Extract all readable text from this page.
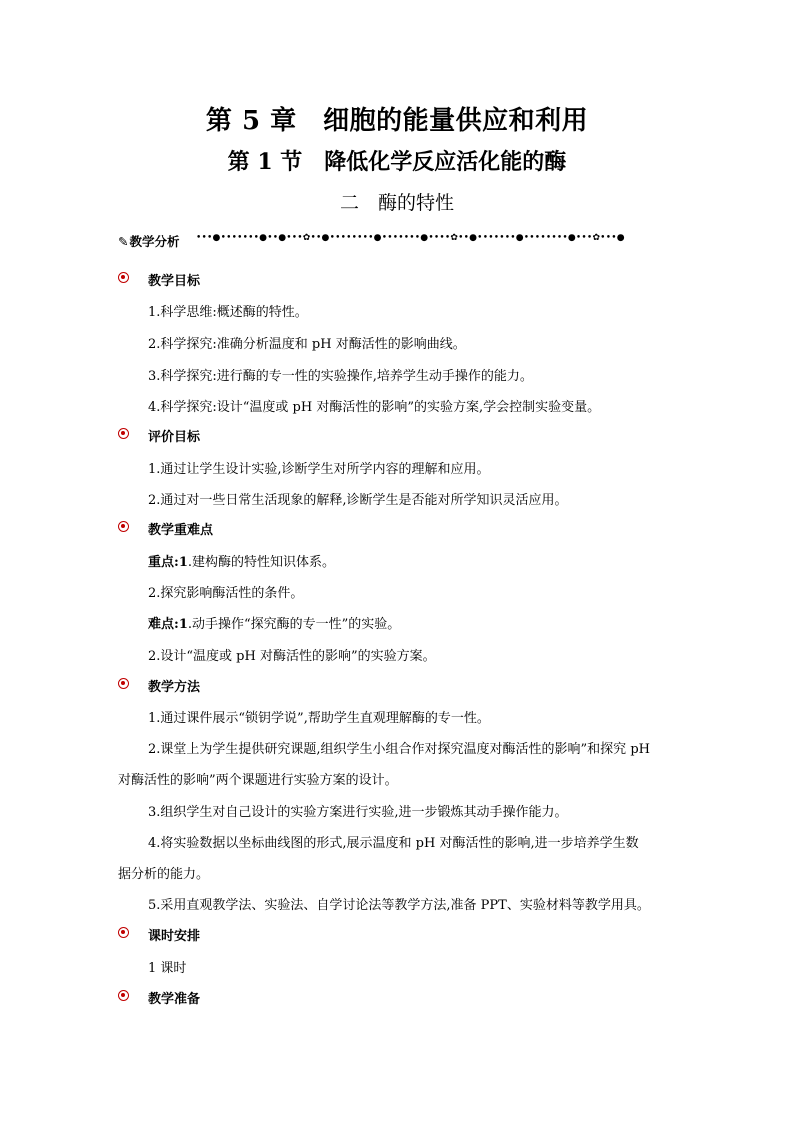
第 5 章　细胞的能量供应和利用
第 1 节　降低化学反应活化能的酶
二　酶的特性
✎教学分析 •••●•••••••●••●•••✿••●••••••••●•••••••●••••✿••●•••••••●••••••••●•••✿•••●
教学目标
1.科学思维:概述酶的特性。
2.科学探究:准确分析温度和 pH 对酶活性的影响曲线。
3.科学探究:进行酶的专一性的实验操作,培养学生动手操作的能力。
4.科学探究:设计“温度或 pH 对酶活性的影响”的实验方案,学会控制实验变量。
评价目标
1.通过让学生设计实验,诊断学生对所学内容的理解和应用。
2.通过对一些日常生活现象的解释,诊断学生是否能对所学知识灵活应用。
教学重难点
重点:1.建构酶的特性知识体系。
2.探究影响酶活性的条件。
难点:1.动手操作“探究酶的专一性”的实验。
2.设计“温度或 pH 对酶活性的影响”的实验方案。
教学方法
1.通过课件展示“锁钥学说”,帮助学生直观理解酶的专一性。
2.课堂上为学生提供研究课题,组织学生小组合作对探究温度对酶活性的影响”和探究 pH
对酶活性的影响”两个课题进行实验方案的设计。
3.组织学生对自己设计的实验方案进行实验,进一步锻炼其动手操作能力。
4.将实验数据以坐标曲线图的形式,展示温度和 pH 对酶活性的影响,进一步培养学生数
据分析的能力。
5.采用直观教学法、实验法、自学讨论法等教学方法,准备 PPT、实验材料等教学用具。
课时安排
1 课时
教学准备
